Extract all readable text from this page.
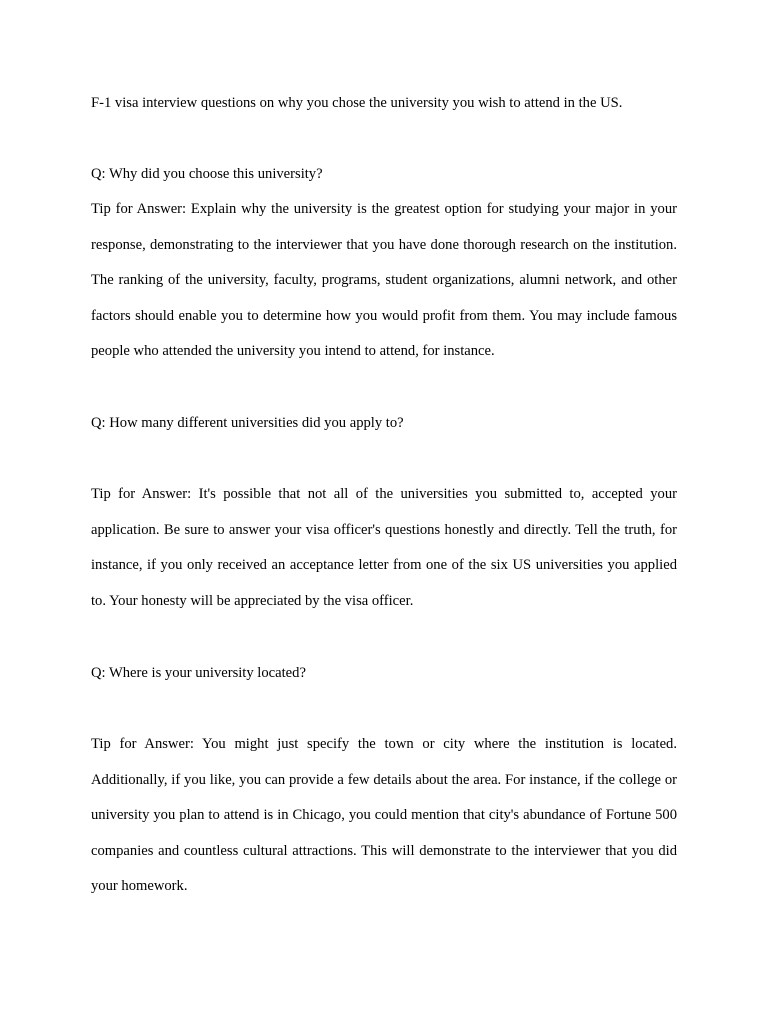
F-1 visa interview questions on why you chose the university you wish to attend in the US.
Q: Why did you choose this university?
Tip for Answer: Explain why the university is the greatest option for studying your major in your response, demonstrating to the interviewer that you have done thorough research on the institution. The ranking of the university, faculty, programs, student organizations, alumni network, and other factors should enable you to determine how you would profit from them. You may include famous people who attended the university you intend to attend, for instance.
Q: How many different universities did you apply to?
Tip for Answer: It's possible that not all of the universities you submitted to, accepted your application. Be sure to answer your visa officer's questions honestly and directly. Tell the truth, for instance, if you only received an acceptance letter from one of the six US universities you applied to. Your honesty will be appreciated by the visa officer.
Q: Where is your university located?
Tip for Answer: You might just specify the town or city where the institution is located. Additionally, if you like, you can provide a few details about the area. For instance, if the college or university you plan to attend is in Chicago, you could mention that city's abundance of Fortune 500 companies and countless cultural attractions. This will demonstrate to the interviewer that you did your homework.
